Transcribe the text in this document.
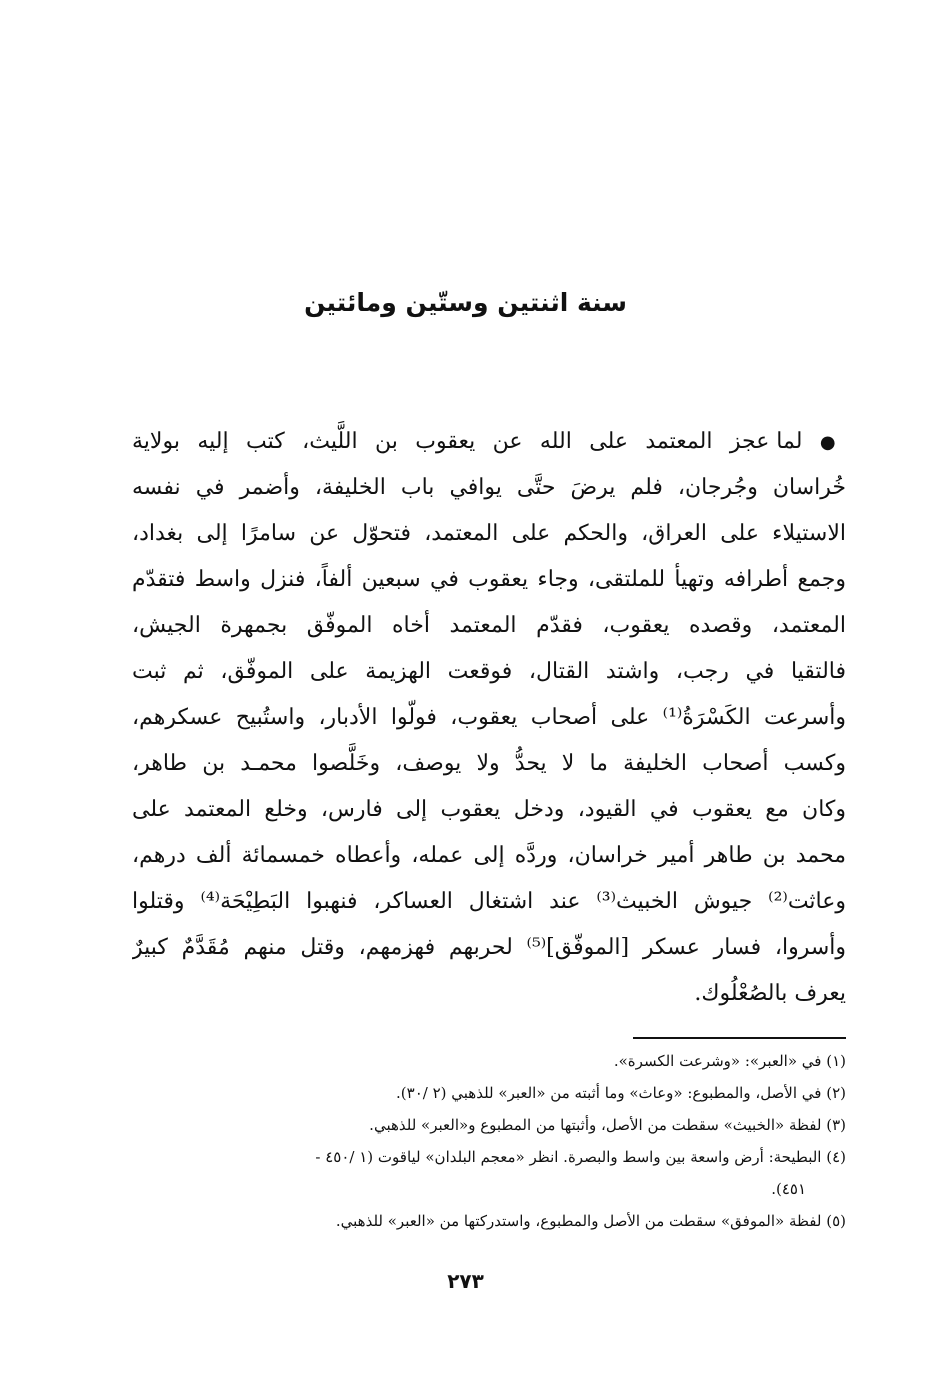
سنة اثنتين وستّين ومائتين
● لما عجز المعتمد على الله عن يعقوب بن اللَّيث، كتب إليه بولاية
خُراسان وجُرجان، فلم يرضَ حتَّى يوافي باب الخليفة، وأضمر في نفسه
الاستيلاء على العراق، والحكم على المعتمد، فتحوّل عن سامرًا إلى بغداد،
وجمع أطرافه وتهيأ للملتقى، وجاء يعقوب في سبعين ألفاً، فنزل واسط فتقدّم
المعتمد، وقصده يعقوب، فقدّم المعتمد أخاه الموفّق بجمهرة الجيش،
فالتقيا في رجب، واشتد القتال، فوقعت الهزيمة على الموفّق، ثم ثبت
وأسرعت الكَسْرَةُ⁽¹⁾ على أصحاب يعقوب، فولّوا الأدبار، واستُبيح عسكرهم،
وكسب أصحاب الخليفة ما لا يحدُّ ولا يوصف، وخَلَّصوا محمـد بن طاهر،
وكان مع يعقوب في القيود، ودخل يعقوب إلى فارس، وخلع المعتمد على
محمد بن طاهر أمير خراسان، وردَّه إلى عمله، وأعطاه خمسمائة ألف درهم،
وعاثت⁽²⁾ جيوش الخبيث⁽³⁾ عند اشتغال العساكر، فنهبوا البَطِيْحَة⁽⁴⁾ وقتلوا
وأسروا، فسار عسكر [الموفّق]⁽⁵⁾ لحربهم فهزمهم، وقتل منهم مُقَدَّمٌ كبيرٌ
يعرف بالصُعْلُوك.
(١) في «العبر»: «وشرعت الكسرة».
(٢) في الأصل، والمطبوع: «وعاث» وما أثبته من «العبر» للذهبي (٢ /٣٠).
(٣) لفظة «الخبيث» سقطت من الأصل، وأثبتها من المطبوع و«العبر» للذهبي.
(٤) البطيحة: أرض واسعة بين واسط والبصرة. انظر «معجم البلدان» لياقوت (١ /٤٥٠ -
٤٥١).
(٥) لفظة «الموفق» سقطت من الأصل والمطبوع، واستدركتها من «العبر» للذهبي.
٢٧٣
